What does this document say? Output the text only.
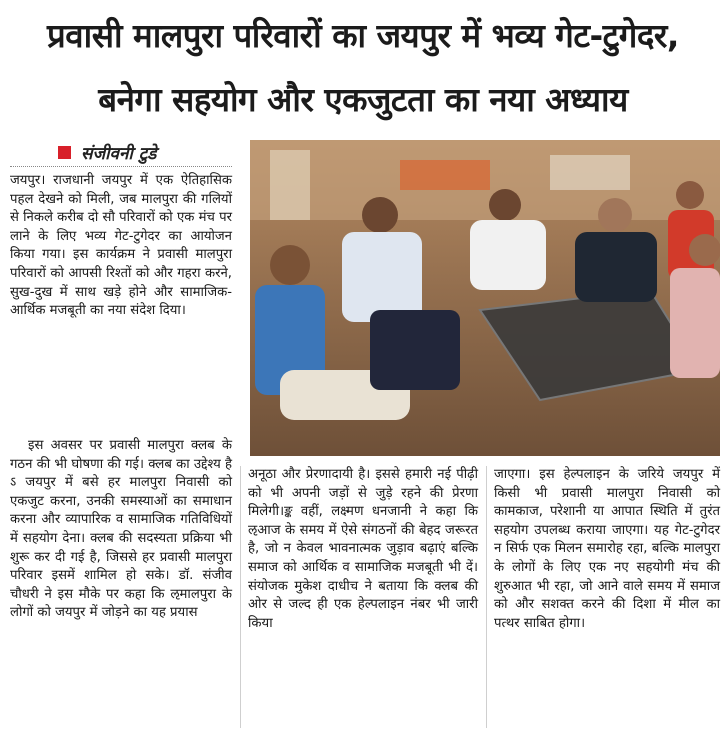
प्रवासी मालपुरा परिवारों का जयपुर में भव्य गेट-टुगेदर,
बनेगा सहयोग और एकजुटता का नया अध्याय
संजीवनी टुडे

जयपुर। राजधानी जयपुर में एक ऐतिहासिक पहल देखने को मिली, जब मालपुरा की गलियों से निकले करीब दो सौ परिवारों को एक मंच पर लाने के लिए भव्य गेट-टुगेदर का आयोजन किया गया। इस कार्यक्रम ने प्रवासी मालपुरा परिवारों को आपसी रिश्तों को और गहरा करने, सुख-दुख में साथ खड़े होने और सामाजिक-आर्थिक मजबूती का नया संदेश दिया।

इस अवसर पर प्रवासी मालपुरा क्लब के गठन की भी घोषणा की गई। क्लब का उद्देश्य है ऽ जयपुर में बसे हर मालपुरा निवासी को एकजुट करना, उनकी समस्याओं का समाधान करना और व्यापारिक व सामाजिक गतिविधियों में सहयोग देना। क्लब की सदस्यता प्रक्रिया भी शुरू कर दी गई है, जिससे हर प्रवासी मालपुरा परिवार इसमें शामिल हो सके। डॉ. संजीव चौधरी ने इस मौके पर कहा कि ऌमालपुरा के लोगों को जयपुर में जोड़ने का यह प्रयास

अनूठा और प्रेरणादायी है। इससे हमारी नई पीढ़ी को भी अपनी जड़ों से जुड़े रहने की प्रेरणा मिलेगी।ङ्क वहीं, लक्ष्मण धनजानी ने कहा कि ऌआज के समय में ऐसे संगठनों की बेहद जरूरत है, जो न केवल भावनात्मक जुड़ाव बढ़ाएं बल्कि समाज को आर्थिक व सामाजिक मजबूती भी दें। संयोजक मुकेश दाधीच ने बताया कि क्लब की ओर से जल्द ही एक हेल्पलाइन नंबर भी जारी किया

जाएगा। इस हेल्पलाइन के जरिये जयपुर में किसी भी प्रवासी मालपुरा निवासी को कामकाज, परेशानी या आपात स्थिति में तुरंत सहयोग उपलब्ध कराया जाएगा। यह गेट-टुगेदर न सिर्फ एक मिलन समारोह रहा, बल्कि मालपुरा के लोगों के लिए एक नए सहयोगी मंच की शुरुआत भी रहा, जो आने वाले समय में समाज को और सशक्त करने की दिशा में मील का पत्थर साबित होगा।
